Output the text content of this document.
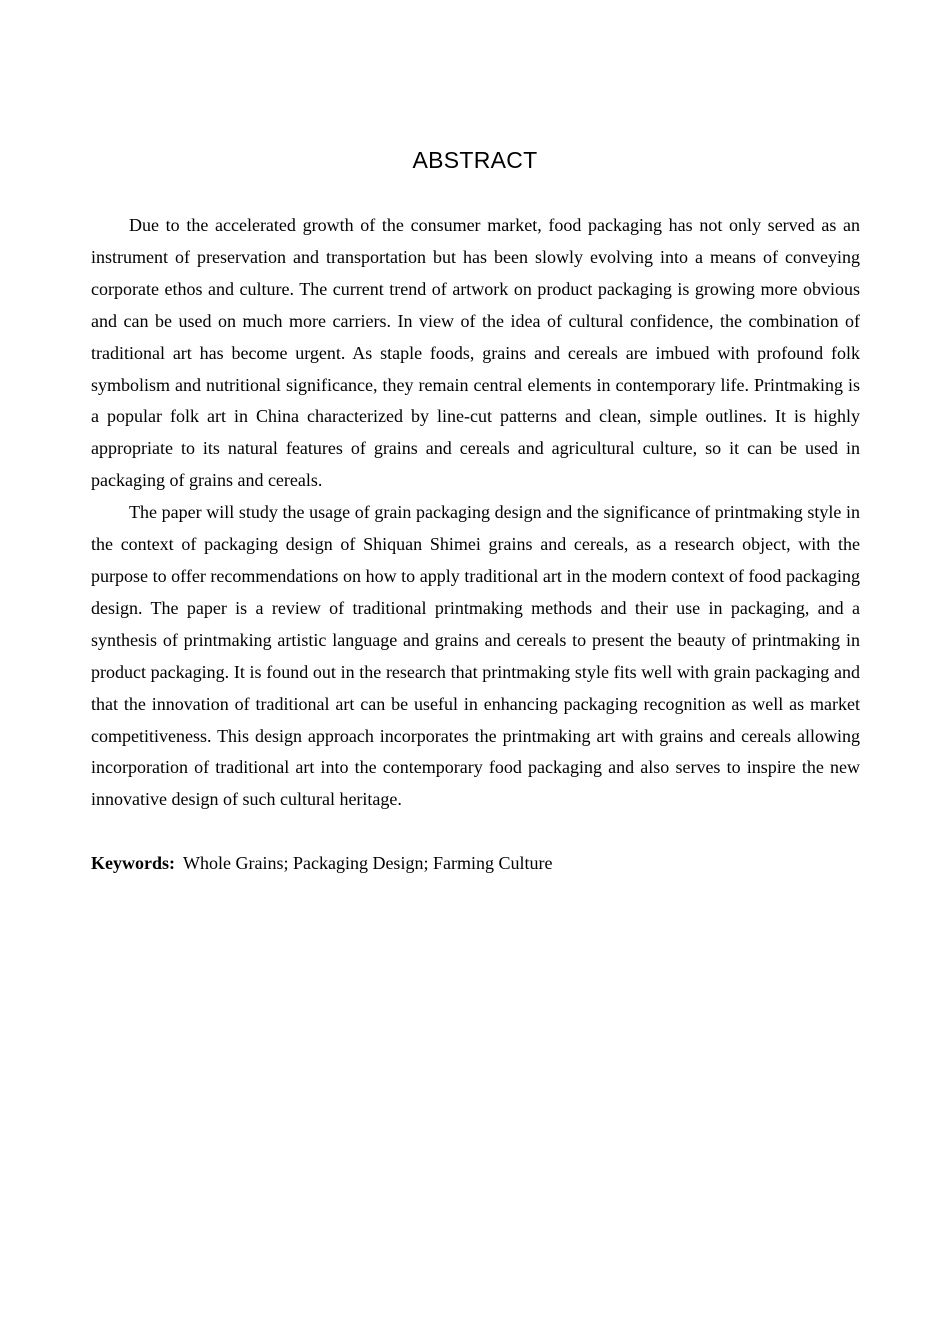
ABSTRACT

Due to the accelerated growth of the consumer market, food packaging has not only served as an instrument of preservation and transportation but has been slowly evolving into a means of conveying corporate ethos and culture. The current trend of artwork on product packaging is growing more obvious and can be used on much more carriers. In view of the idea of cultural confidence, the combination of traditional art has become urgent. As staple foods, grains and cereals are imbued with profound folk symbolism and nutritional significance, they remain central elements in contemporary life. Printmaking is a popular folk art in China characterized by line-cut patterns and clean, simple outlines. It is highly appropriate to its natural features of grains and cereals and agricultural culture, so it can be used in packaging of grains and cereals.

The paper will study the usage of grain packaging design and the significance of printmaking style in the context of packaging design of Shiquan Shimei grains and cereals, as a research object, with the purpose to offer recommendations on how to apply traditional art in the modern context of food packaging design. The paper is a review of traditional printmaking methods and their use in packaging, and a synthesis of printmaking artistic language and grains and cereals to present the beauty of printmaking in product packaging. It is found out in the research that printmaking style fits well with grain packaging and that the innovation of traditional art can be useful in enhancing packaging recognition as well as market competitiveness. This design approach incorporates the printmaking art with grains and cereals allowing incorporation of traditional art into the contemporary food packaging and also serves to inspire the new innovative design of such cultural heritage.

Keywords: Whole Grains; Packaging Design; Farming Culture
